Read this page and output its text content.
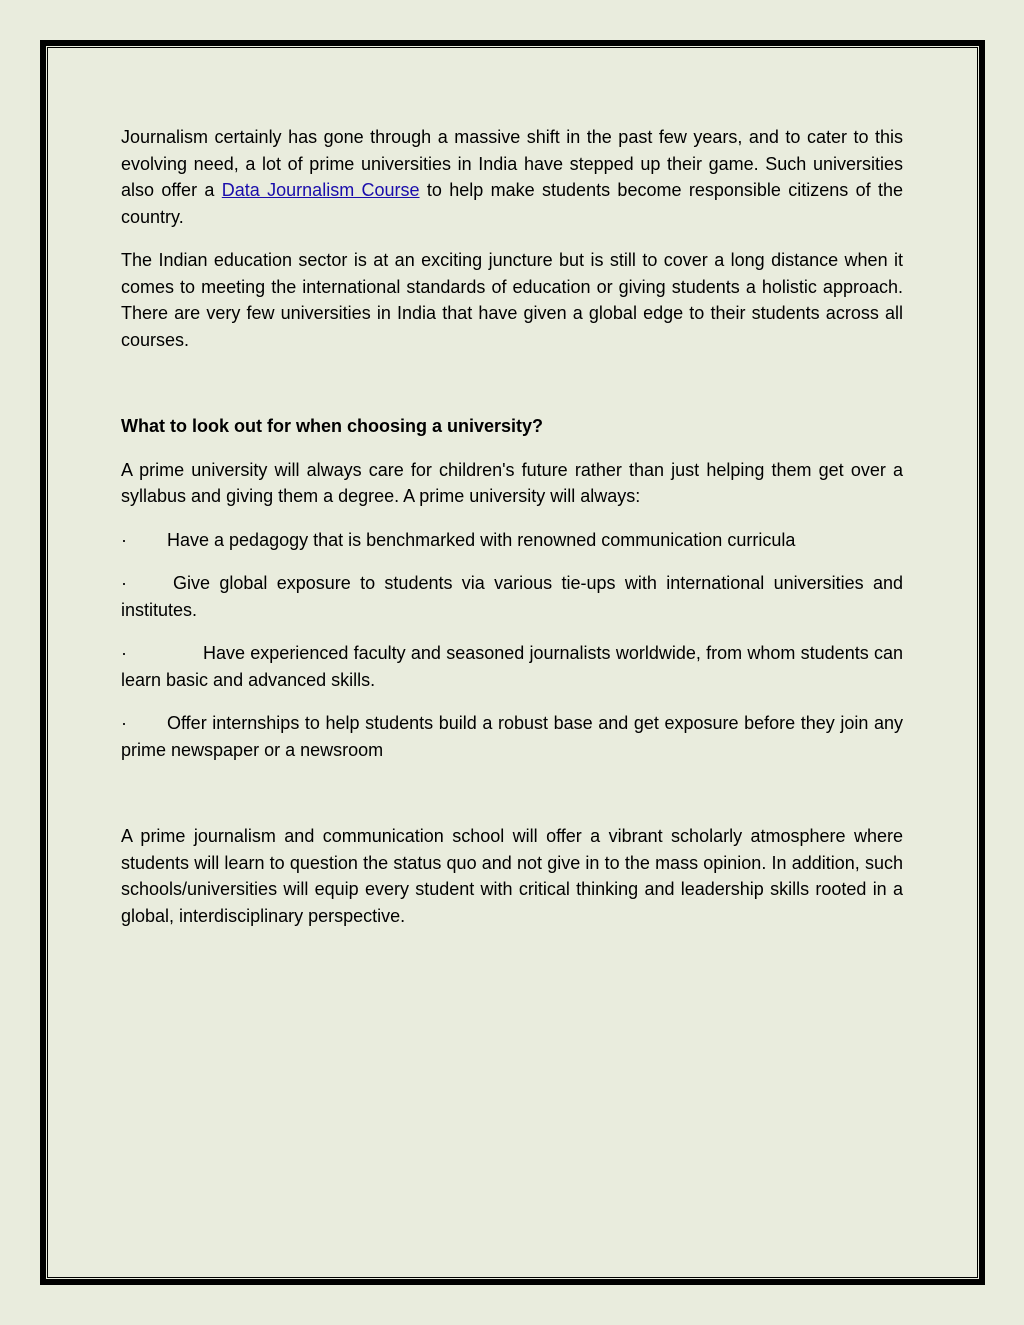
Journalism certainly has gone through a massive shift in the past few years, and to cater to this evolving need, a lot of prime universities in India have stepped up their game. Such universities also offer a Data Journalism Course to help make students become responsible citizens of the country.

The Indian education sector is at an exciting juncture but is still to cover a long distance when it comes to meeting the international standards of education or giving students a holistic approach. There are very few universities in India that have given a global edge to their students across all courses.

What to look out for when choosing a university?

A prime university will always care for children's future rather than just helping them get over a syllabus and giving them a degree. A prime university will always:

· Have a pedagogy that is benchmarked with renowned communication curricula

·	Give global exposure to students via various tie-ups with international universities and institutes.

·	Have experienced faculty and seasoned journalists worldwide, from whom students can learn basic and advanced skills.

· Offer internships to help students build a robust base and get exposure before they join any prime newspaper or a newsroom

A prime journalism and communication school will offer a vibrant scholarly atmosphere where students will learn to question the status quo and not give in to the mass opinion. In addition, such schools/universities will equip every student with critical thinking and leadership skills rooted in a global, interdisciplinary perspective.
